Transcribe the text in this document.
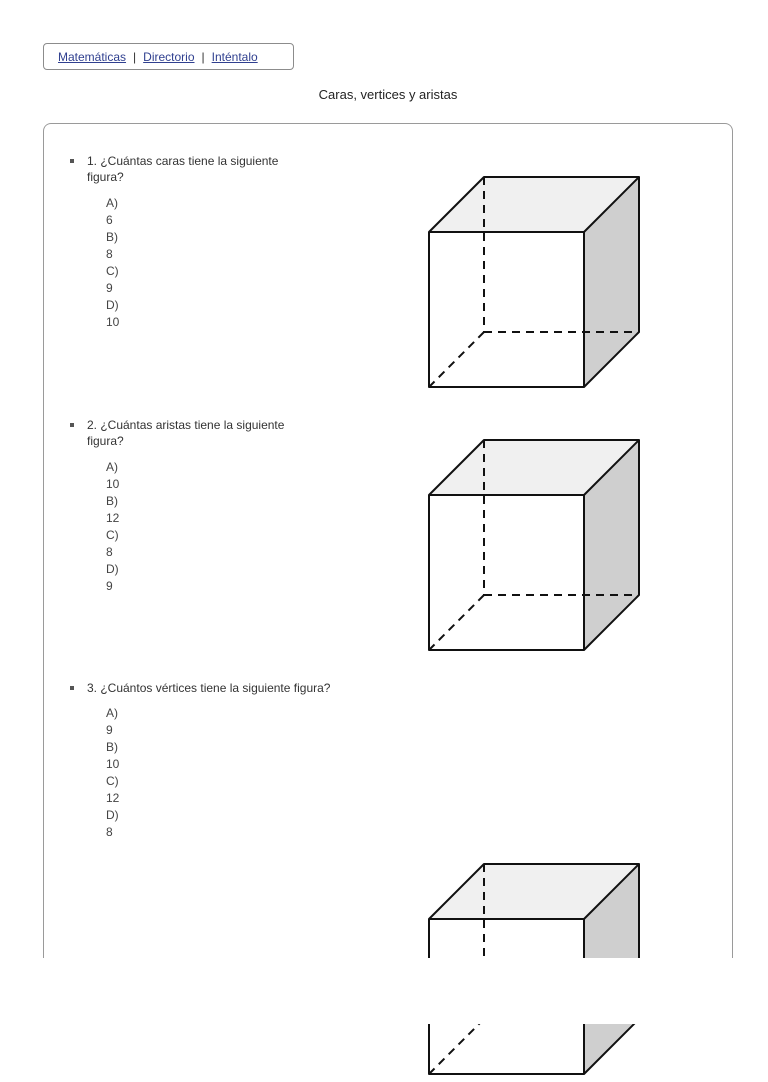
Matemáticas | Directorio | Inténtalo
Caras, vertices y aristas
1. ¿Cuántas caras tiene la siguiente
figura?
A) 6
B) 8
C) 9
D) 10
2. ¿Cuántas aristas tiene la siguiente
figura?
A) 10
B) 12
C) 8
D) 9
3. ¿Cuántos vértices tiene la siguiente figura?
A) 9
B) 10
C) 12
D) 8
